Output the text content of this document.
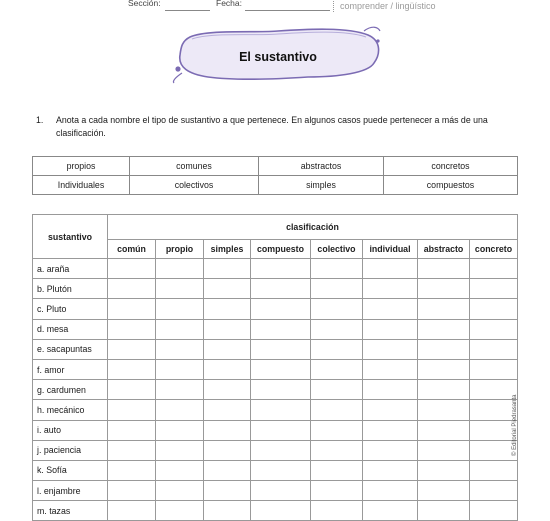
Sección:	Fecha:	comprender / lingüístico
El sustantivo
1. Anota a cada nombre el tipo de sustantivo a que pertenece. En algunos casos puede pertenecer a más de una clasificación.
propios	comunes	abstractos	concretos
Individuales	colectivos	simples	compuestos
sustantivo	clasificación							
	común	propio	simples	compuesto	colectivo	individual	abstracto	concreto
a. araña								
b. Plutón								
c. Pluto								
d. mesa								
e. sacapuntas								
f. amor								
g. cardumen								
h. mecánico								
i. auto								
j. paciencia								
k. Sofía								
l. enjambre								
m. tazas								
© Editorial Piedrasanta
